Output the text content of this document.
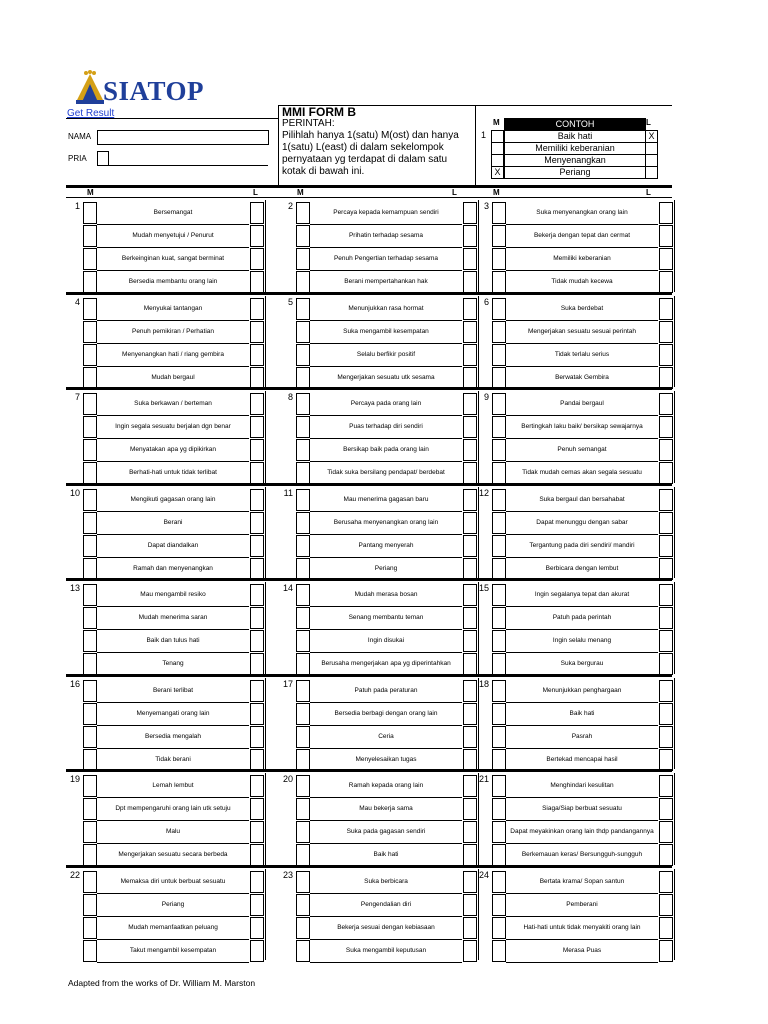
SIATOP
Get Result
NAMA
PRIA
MMI FORM B
PERINTAH:
Pilihlah hanya 1(satu) M(ost) dan hanya 1(satu) L(east) di dalam sekelompok pernyataan yg terdapat di dalam satu kotak di bawah ini.
M	L
CONTOH
1	Baik hati	X
Memiliki keberanian
Menyenangkan
X	Periang
M	L	M	L	M	L
1
Bersemangat
Mudah menyetujui / Penurut
Berkeinginan kuat, sangat berminat
Bersedia membantu orang lain
2
Percaya kepada kemampuan sendiri
Prihatin terhadap sesama
Penuh Pengertian terhadap sesama
Berani mempertahankan hak
3
Suka menyenangkan orang lain
Bekerja dengan tepat dan cermat
Memiliki keberanian
Tidak mudah kecewa
4
Menyukai tantangan
Penuh pemikiran / Perhatian
Menyenangkan hati / riang gembira
Mudah bergaul
5
Menunjukkan rasa hormat
Suka mengambil kesempatan
Selalu berfikir positif
Mengerjakan sesuatu utk sesama
6
Suka berdebat
Mengerjakan sesuatu sesuai perintah
Tidak terlalu serius
Berwatak Gembira
7
Suka berkawan / berteman
Ingin segala sesuatu berjalan dgn benar
Menyatakan apa yg dipikirkan
Berhati-hati untuk tidak terlibat
8
Percaya pada orang lain
Puas terhadap diri sendiri
Bersikap baik pada orang lain
Tidak suka bersilang pendapat/ berdebat
9
Pandai bergaul
Bertingkah laku baik/ bersikap sewajarnya
Penuh semangat
Tidak mudah cemas akan segala sesuatu
10
Mengikuti gagasan orang lain
Berani
Dapat diandalkan
Ramah dan menyenangkan
11
Mau menerima gagasan baru
Berusaha menyenangkan orang lain
Pantang menyerah
Periang
12
Suka bergaul dan bersahabat
Dapat menunggu dengan sabar
Tergantung pada diri sendiri/ mandiri
Berbicara dengan lembut
13
Mau mengambil resiko
Mudah menerima saran
Baik dan tulus hati
Tenang
14
Mudah merasa bosan
Senang membantu teman
Ingin disukai
Berusaha mengerjakan apa yg diperintahkan
15
Ingin segalanya tepat dan akurat
Patuh pada perintah
Ingin selalu menang
Suka bergurau
16
Berani terlibat
Menyemangati orang lain
Bersedia mengalah
Tidak berani
17
Patuh pada peraturan
Bersedia berbagi dengan orang lain
Ceria
Menyelesaikan tugas
18
Menunjukkan penghargaan
Baik hati
Pasrah
Bertekad mencapai hasil
19
Lemah lembut
Dpt mempengaruhi orang lain utk setuju
Malu
Mengerjakan sesuatu secara berbeda
20
Ramah kepada orang lain
Mau bekerja sama
Suka pada gagasan sendiri
Baik hati
21
Menghindari kesulitan
Siaga/Siap berbuat sesuatu
Dapat meyakinkan orang lain thdp pandangannya
Berkemauan keras/ Bersungguh-sungguh
22
Memaksa diri untuk berbuat sesuatu
Periang
Mudah memanfaatkan peluang
Takut mengambil kesempatan
23
Suka berbicara
Pengendalian diri
Bekerja sesuai dengan kebiasaan
Suka mengambil keputusan
24
Bertata krama/ Sopan santun
Pemberani
Hati-hati untuk tidak menyakiti orang lain
Merasa Puas
Adapted from the works of Dr. William M. Marston
